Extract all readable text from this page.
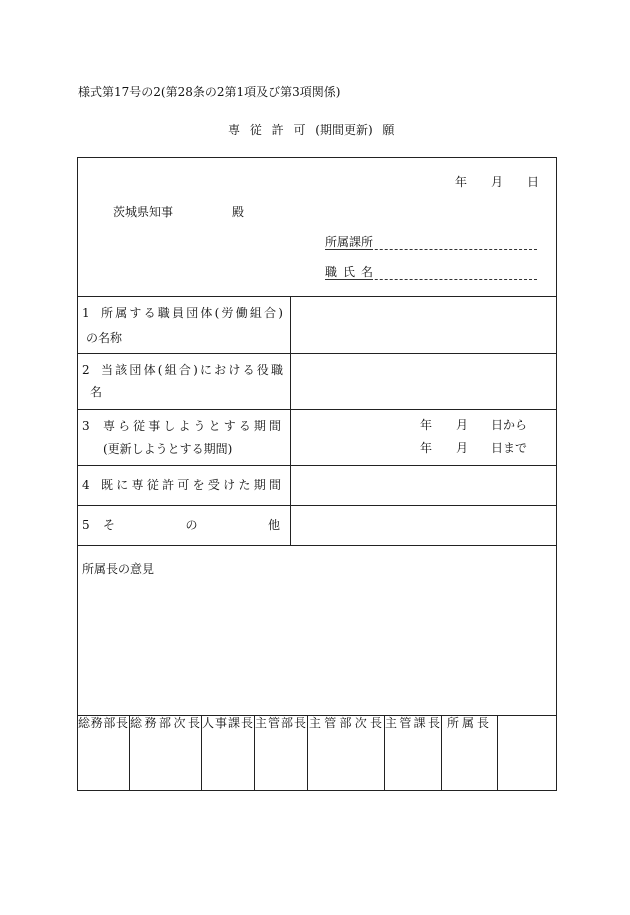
様式第17号の2(第28条の2第1項及び第3項関係)
専 従 許 可 (期間更新) 願
年 月 日
茨城県知事	殿
所属課所
職氏名
1 所属する職員団体(労働組合)
の名称
2 当該団体(組合)における役職
名
3 専ら従事しようとする期間
(更新しようとする期間)
年 月 日から
年 月 日まで
4 既に専従許可を受けた期間
5 その他
所属長の意見
総務部長 総務部次長 人事課長 主管部長 主管部次長 主管課長 所属長
